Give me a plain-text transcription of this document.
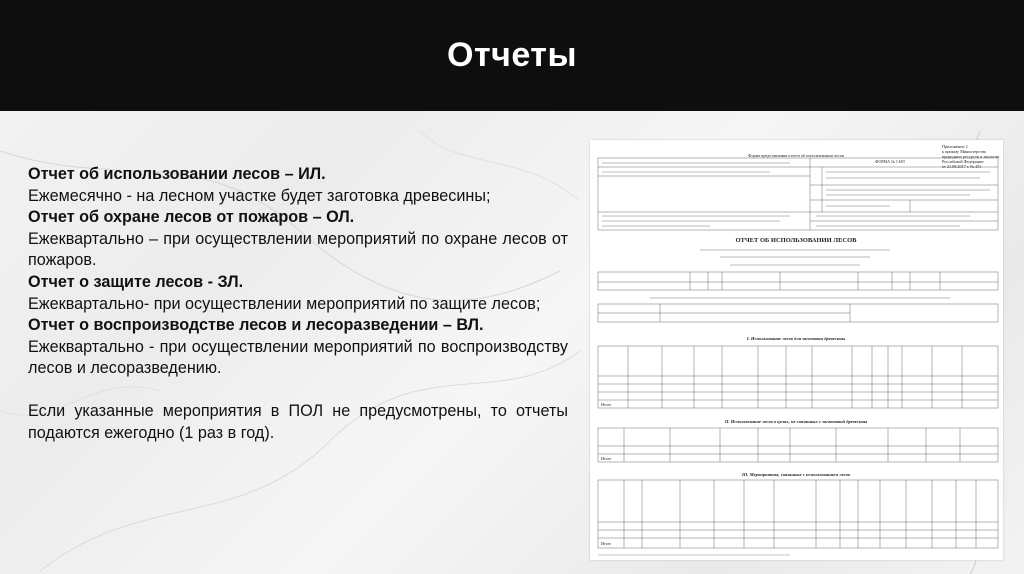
Отчеты
Отчет об использовании лесов – ИЛ.
Ежемесячно - на лесном участке будет заготовка древесины;
Отчет об охране лесов от пожаров – ОЛ.
Ежеквартально – при осуществлении мероприятий по охране лесов от пожаров.
Отчет о защите лесов - ЗЛ.
Ежеквартально- при осуществлении мероприятий по защите лесов;
Отчет о воспроизводстве лесов и лесоразведении – ВЛ.
Ежеквартально - при осуществлении мероприятий по воспроизводству лесов и лесоразведению.
Если указанные мероприятия в ПОЛ не предусмотрены, то отчеты подаются ежегодно (1 раз в год).
Приложение 2
к приказу Министерства
природных ресурсов и экологии
Российской Федерации
от 21.08.2017 г. № 451
Форма представления отчета об использовании лесов
ФОРМА № 1-ИЛ
ОТЧЕТ ОБ ИСПОЛЬЗОВАНИИ ЛЕСОВ
I. Использование лесов для заготовки древесины
Итого
II. Использование лесов в целях, не связанных с заготовкой древесины
Итого
III. Мероприятия, связанные с использованием лесов
Итого
